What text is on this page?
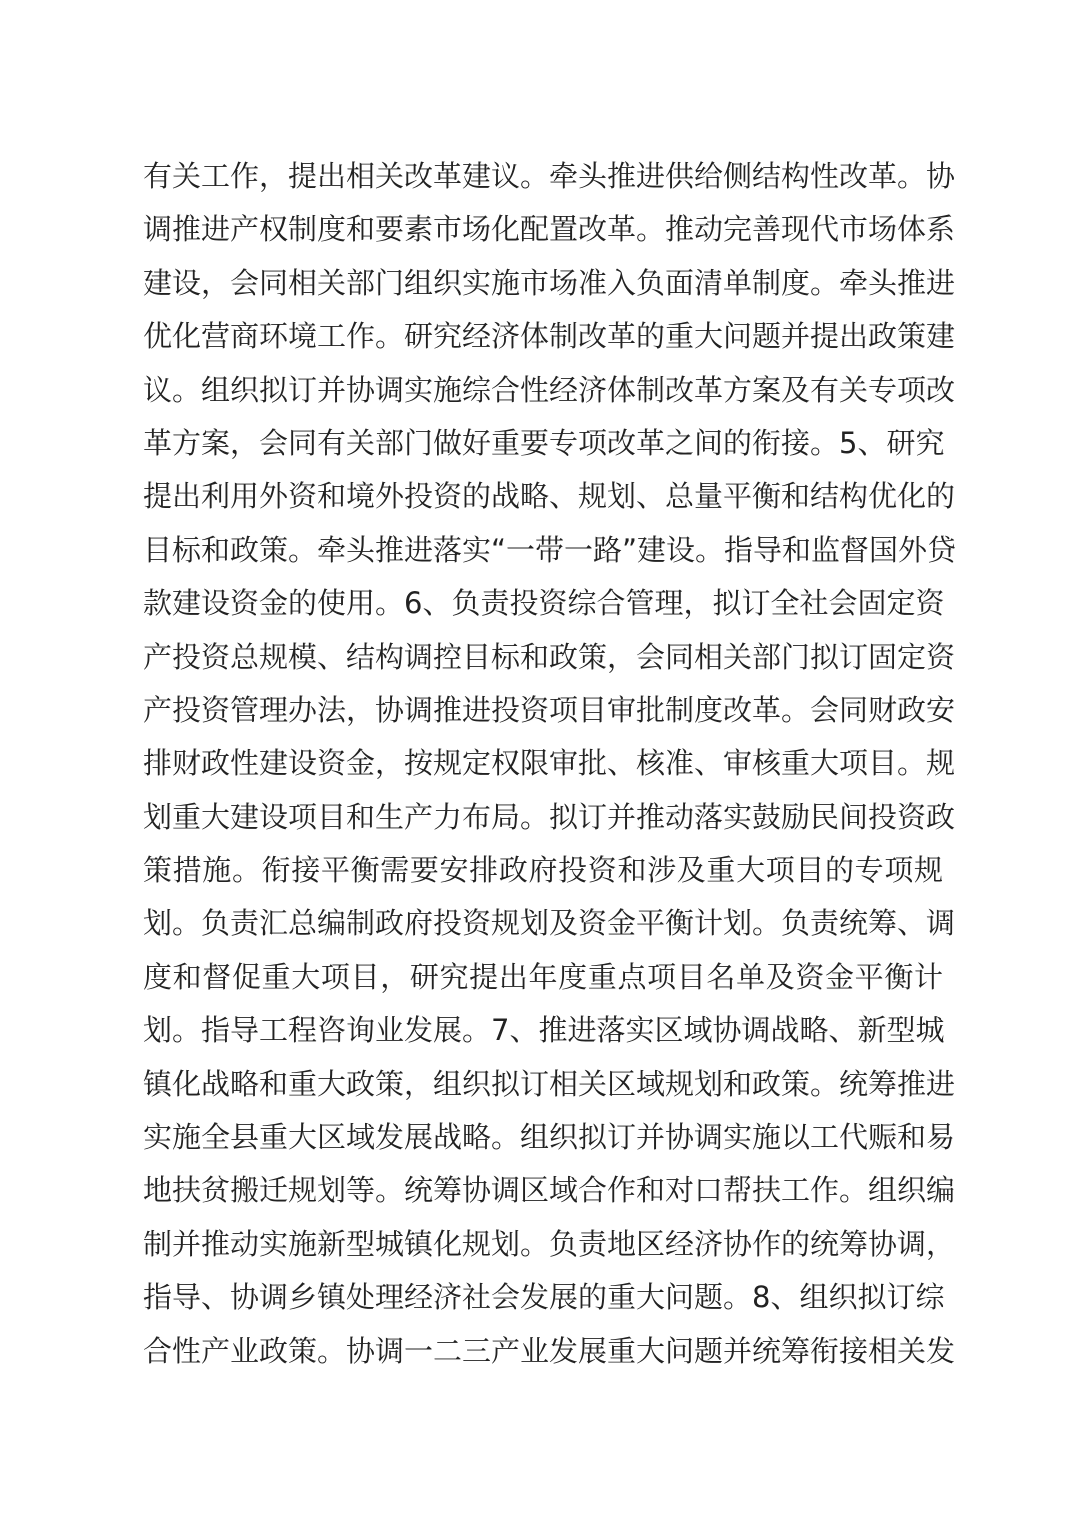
有关工作，提出相关改革建议。牵头推进供给侧结构性改革。协
调推进产权制度和要素市场化配置改革。推动完善现代市场体系
建设，会同相关部门组织实施市场准入负面清单制度。牵头推进
优化营商环境工作。研究经济体制改革的重大问题并提出政策建
议。组织拟订并协调实施综合性经济体制改革方案及有关专项改
革方案，会同有关部门做好重要专项改革之间的衔接。5、研究
提出利用外资和境外投资的战略、规划、总量平衡和结构优化的
目标和政策。牵头推进落实“一带一路”建设。指导和监督国外贷
款建设资金的使用。6、负责投资综合管理，拟订全社会固定资
产投资总规模、结构调控目标和政策，会同相关部门拟订固定资
产投资管理办法，协调推进投资项目审批制度改革。会同财政安
排财政性建设资金，按规定权限审批、核准、审核重大项目。规
划重大建设项目和生产力布局。拟订并推动落实鼓励民间投资政
策措施。衔接平衡需要安排政府投资和涉及重大项目的专项规
划。负责汇总编制政府投资规划及资金平衡计划。负责统筹、调
度和督促重大项目，研究提出年度重点项目名单及资金平衡计
划。指导工程咨询业发展。7、推进落实区域协调战略、新型城
镇化战略和重大政策，组织拟订相关区域规划和政策。统筹推进
实施全县重大区域发展战略。组织拟订并协调实施以工代赈和易
地扶贫搬迁规划等。统筹协调区域合作和对口帮扶工作。组织编
制并推动实施新型城镇化规划。负责地区经济协作的统筹协调，
指导、协调乡镇处理经济社会发展的重大问题。8、组织拟订综
合性产业政策。协调一二三产业发展重大问题并统筹衔接相关发
